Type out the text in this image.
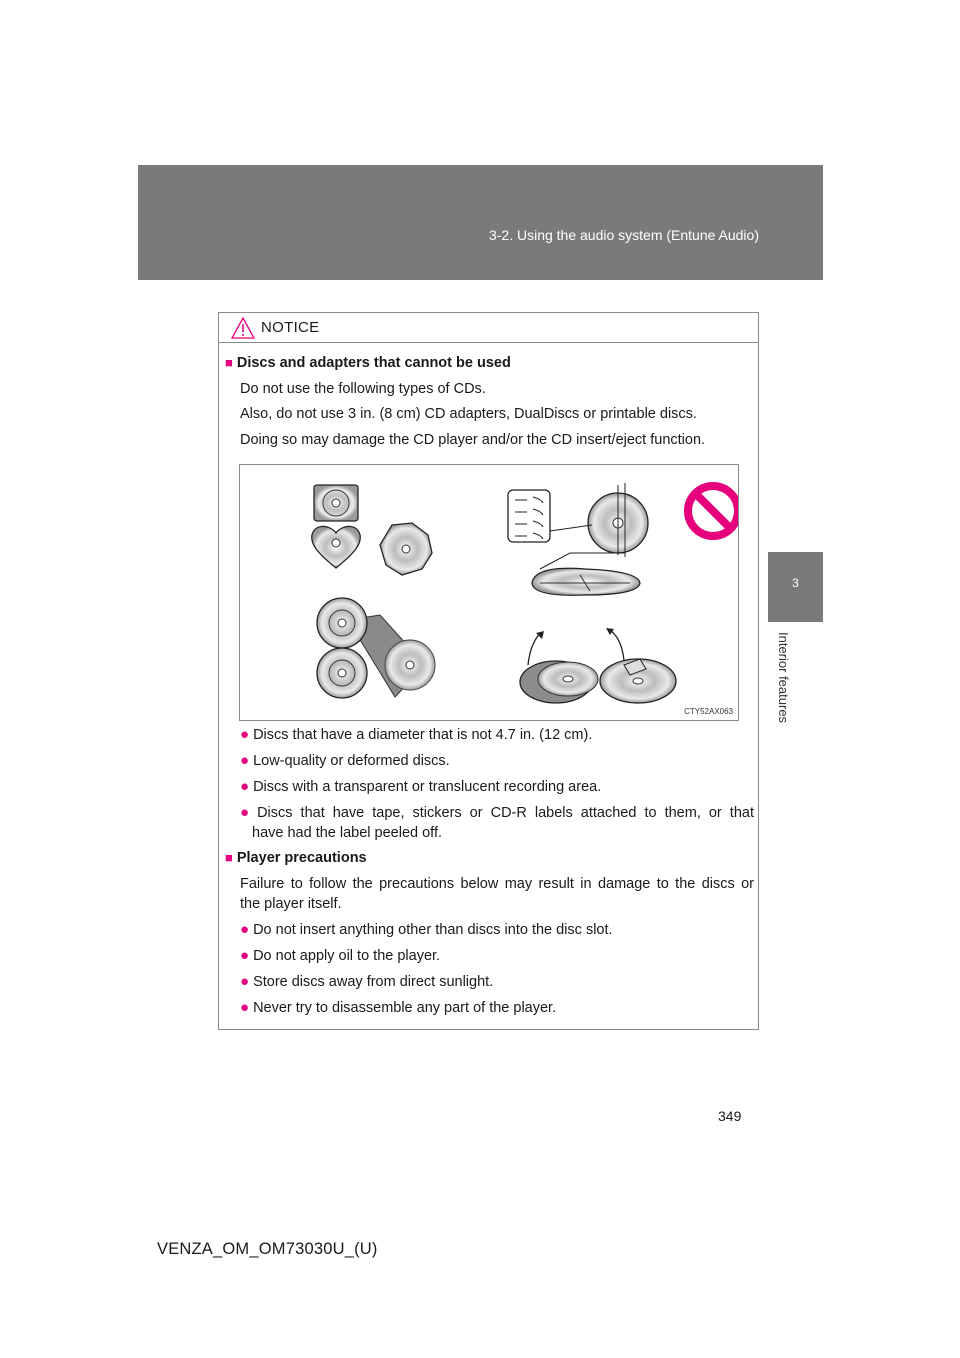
3-2. Using the audio system (Entune Audio)
3
Interior features
NOTICE
■ Discs and adapters that cannot be used
Do not use the following types of CDs.
Also, do not use 3 in. (8 cm) CD adapters, DualDiscs or printable discs.
Doing so may damage the CD player and/or the CD insert/eject function.
CTY52AX063
● Discs that have a diameter that is not 4.7 in. (12 cm).
● Low-quality or deformed discs.
● Discs with a transparent or translucent recording area.
● Discs that have tape, stickers or CD-R labels attached to them, or that
have had the label peeled off.
■ Player precautions
Failure to follow the precautions below may result in damage to the discs or
the player itself.
● Do not insert anything other than discs into the disc slot.
● Do not apply oil to the player.
● Store discs away from direct sunlight.
● Never try to disassemble any part of the player.
349
VENZA_OM_OM73030U_(U)
